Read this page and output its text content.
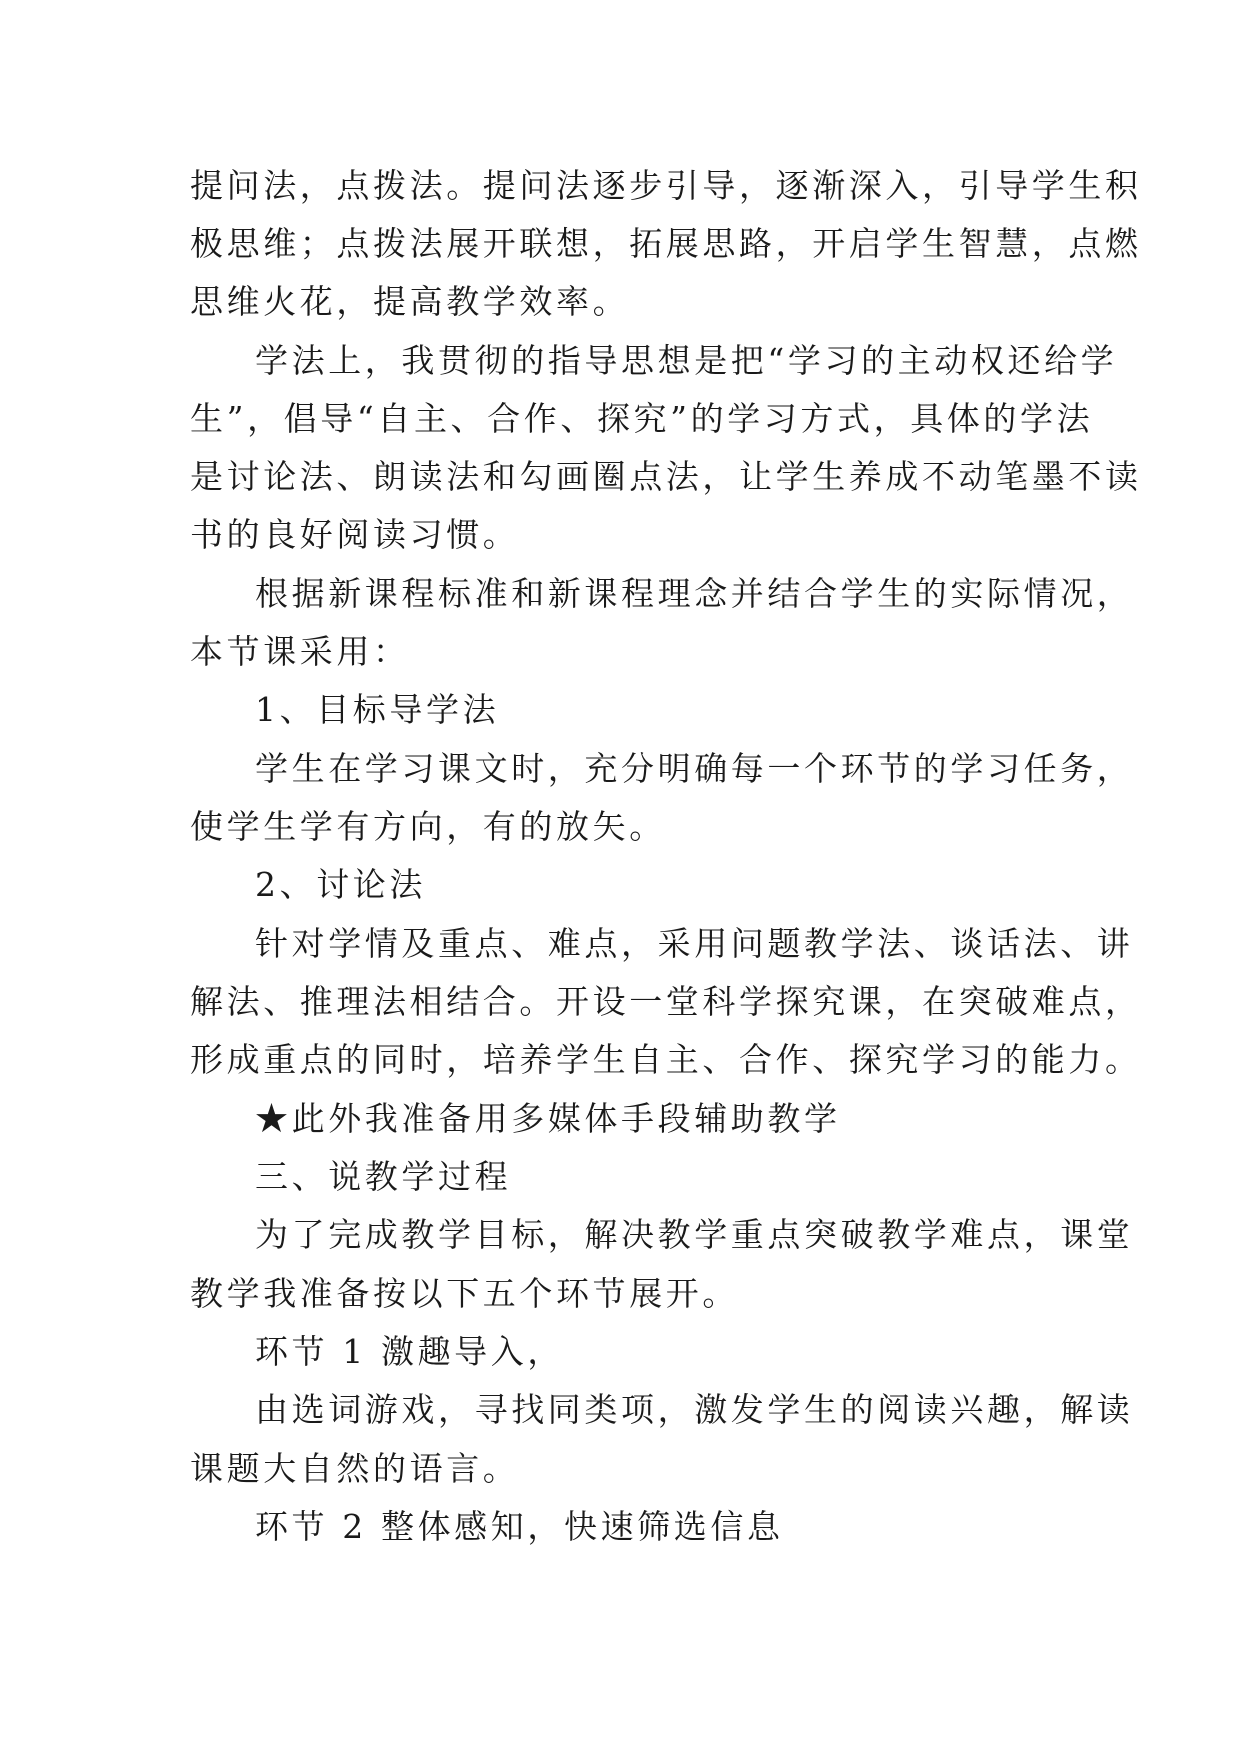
提问法，点拨法。提问法逐步引导，逐渐深入，引导学生积
极思维；点拨法展开联想，拓展思路，开启学生智慧，点燃
思维火花，提高教学效率。
学法上，我贯彻的指导思想是把“学习的主动权还给学
生”，倡导“自主、合作、探究”的学习方式，具体的学法
是讨论法、朗读法和勾画圈点法，让学生养成不动笔墨不读
书的良好阅读习惯。
根据新课程标准和新课程理念并结合学生的实际情况，
本节课采用：
1、目标导学法
学生在学习课文时，充分明确每一个环节的学习任务，
使学生学有方向，有的放矢。
2、讨论法
针对学情及重点、难点，采用问题教学法、谈话法、讲
解法、推理法相结合。开设一堂科学探究课，在突破难点，
形成重点的同时，培养学生自主、合作、探究学习的能力。
★此外我准备用多媒体手段辅助教学
三、说教学过程
为了完成教学目标，解决教学重点突破教学难点，课堂
教学我准备按以下五个环节展开。
环节 1 激趣导入，
由选词游戏，寻找同类项，激发学生的阅读兴趣，解读
课题大自然的语言。
环节 2 整体感知，快速筛选信息
